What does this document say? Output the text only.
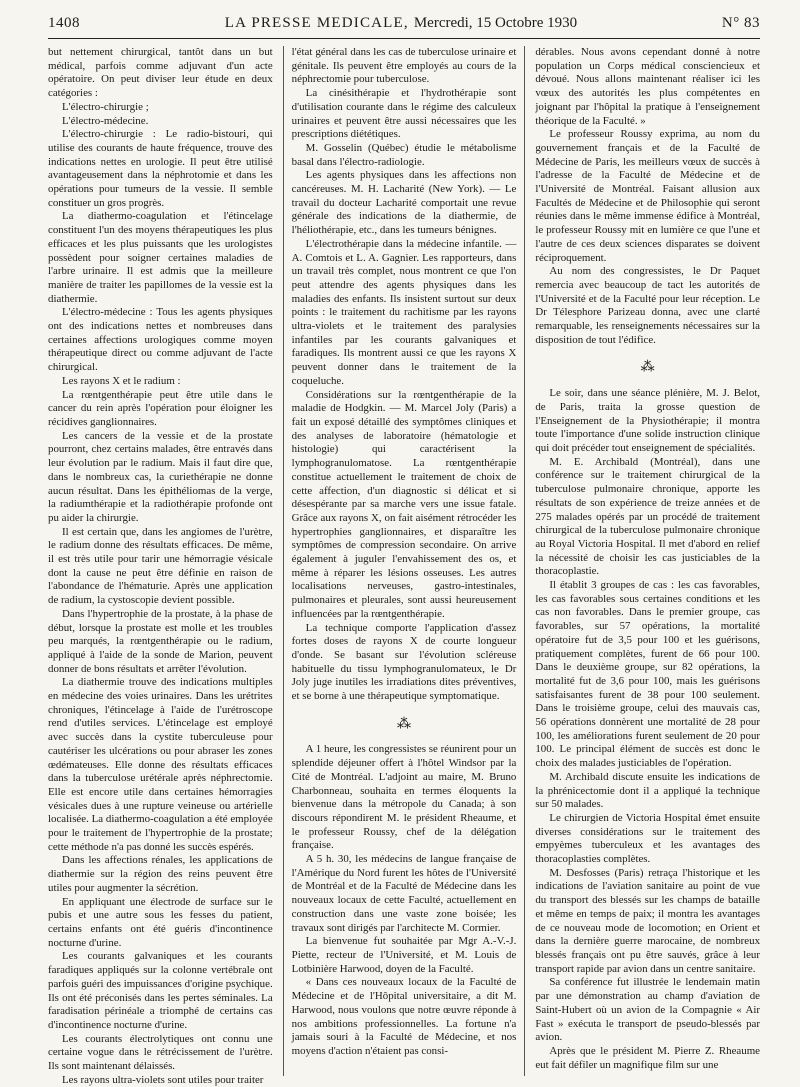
1408	LA PRESSE MEDICALE, Mercredi, 15 Octobre 1930	N° 83

but nettement chirurgical, tantôt dans un but médical, parfois comme adjuvant d'un acte opératoire. On peut diviser leur étude en deux catégories :

L'électro-chirurgie ;

L'électro-médecine.

L'électro-chirurgie : Le radio-bistouri, qui utilise des courants de haute fréquence, trouve des indications nettes en urologie. Il peut être utilisé avantageusement dans la néphrotomie et dans les opérations pour tumeurs de la vessie. Il semble constituer un gros progrès.

La diathermo-coagulation et l'étincelage constituent l'un des moyens thérapeutiques les plus efficaces et les plus puissants que les urologistes possèdent pour soigner certaines maladies de l'arbre urinaire. Il est admis que la meilleure manière de traiter les papillomes de la vessie est la diathermie.

L'électro-médecine : Tous les agents physiques ont des indications nettes et nombreuses dans certaines affections urologiques comme moyen thérapeutique direct ou comme adjuvant de l'acte chirurgical.

Les rayons X et le radium :

La rœntgenthérapie peut être utile dans le cancer du rein après l'opération pour éloigner les récidives ganglionnaires.

Les cancers de la vessie et de la prostate pourront, chez certains malades, être entravés dans leur évolution par le radium. Mais il faut dire que, dans le nombreux cas, la curiethérapie ne donne aucun résultat. Dans les épithéliomas de la verge, la radiumthérapie et la radiothérapie profonde ont pu aider la chirurgie.

Il est certain que, dans les angiomes de l'urètre, le radium donne des résultats efficaces. De même, il est très utile pour tarir une hémorragie vésicale dont la cause ne peut être définie en raison de l'abondance de l'hématurie. Après une application de radium, la cystoscopie devient possible.

Dans l'hypertrophie de la prostate, à la phase de début, lorsque la prostate est molle et les troubles peu marqués, la rœntgenthérapie ou le radium, appliqué à l'aide de la sonde de Marion, peuvent donner de bons résultats et arrêter l'évolution.

La diathermie trouve des indications multiples en médecine des voies urinaires. Dans les urétrites chroniques, l'étincelage à l'aide de l'urétroscope rend d'utiles services. L'étincelage est employé avec succès dans la cystite tuberculeuse pour cautériser les ulcérations ou pour abraser les zones œdémateuses. Elle donne des résultats efficaces dans la tuberculose urétérale après néphrectomie. Elle est encore utile dans certaines hémorragies vésicales dues à une rupture veineuse ou artérielle localisée. La diathermo-coagulation a été employée pour le traitement de l'hypertrophie de la prostate; cette méthode n'a pas donné les succès espérés.

Dans les affections rénales, les applications de diathermie sur la région des reins peuvent être utiles pour augmenter la sécrétion.

En appliquant une électrode de surface sur le pubis et une autre sous les fesses du patient, certains enfants ont été guéris d'incontinence nocturne d'urine.

Les courants galvaniques et les courants faradiques appliqués sur la colonne vertébrale ont parfois guéri des impuissances d'origine psychique. Ils ont été préconisés dans les pertes séminales. La faradisation périnéale a triomphé de certains cas d'incontinence nocturne d'urine.

Les courants électrolytiques ont connu une certaine vogue dans le rétrécissement de l'urètre. Ils sont maintenant délaissés.

Les rayons ultra-violets sont utiles pour traiter

l'état général dans les cas de tuberculose urinaire et génitale. Ils peuvent être employés au cours de la néphrectomie pour tuberculose.

La cinésithérapie et l'hydrothérapie sont d'utilisation courante dans le régime des calculeux urinaires et peuvent être aussi nécessaires que les prescriptions diététiques.

M. Gosselin (Québec) étudie le métabolisme basal dans l'électro-radiologie.

Les agents physiques dans les affections non cancéreuses. M. H. Lacharité (New York). — Le travail du docteur Lacharité comportait une revue générale des indications de la diathermie, de l'héliothérapie, etc., dans les tumeurs bénignes.

L'électrothérapie dans la médecine infantile. — A. Comtois et L. A. Gagnier. Les rapporteurs, dans un travail très complet, nous montrent ce que l'on peut attendre des agents physiques dans les maladies des enfants. Ils insistent surtout sur deux points : le traitement du rachitisme par les rayons ultra-violets et le traitement des paralysies infantiles par les courants galvaniques et faradiques. Ils montrent aussi ce que les rayons X peuvent donner dans le traitement de la coqueluche.

Considérations sur la rœntgenthérapie de la maladie de Hodgkin. — M. Marcel Joly (Paris) a fait un exposé détaillé des symptômes cliniques et des analyses de laboratoire (hématologie et histologie) qui caractérisent la lymphogranulomatose. La rœntgenthérapie constitue actuellement le traitement de choix de cette affection, d'un diagnostic si délicat et si désespérante par sa marche vers une issue fatale. Grâce aux rayons X, on fait aisément rétrocéder les hypertrophies ganglionnaires, et disparaître les symptômes de compression secondaire. On arrive également à juguler l'envahissement des os, et même à réparer les lésions osseuses. Les autres localisations nerveuses, gastro-intestinales, pulmonaires et pleurales, sont aussi heureusement influencées par la rœntgenthérapie.

La technique comporte l'application d'assez fortes doses de rayons X de courte longueur d'onde. Se basant sur l'évolution scléreuse habituelle du tissu lymphogranulomateux, le Dr Joly juge inutiles les irradiations dites préventives, et se borne à une thérapeutique symptomatique.

⁂

A 1 heure, les congressistes se réunirent pour un splendide déjeuner offert à l'hôtel Windsor par la Cité de Montréal. L'adjoint au maire, M. Bruno Charbonneau, souhaita en termes éloquents la bienvenue dans la métropole du Canada; à son discours répondirent M. le président Rheaume, et le professeur Roussy, chef de la délégation française.

A 5 h. 30, les médecins de langue française de l'Amérique du Nord furent les hôtes de l'Université de Montréal et de la Faculté de Médecine dans les nouveaux locaux de cette Faculté, actuellement en construction dans une vaste zone boisée; les travaux sont dirigés par l'architecte M. Cormier.

La bienvenue fut souhaitée par Mgr A.-V.-J. Piette, recteur de l'Université, et M. Louis de Lotbinière Harwood, doyen de la Faculté.

« Dans ces nouveaux locaux de la Faculté de Médecine et de l'Hôpital universitaire, a dit M. Harwood, nous voulons que notre œuvre réponde à nos ambitions professionnelles. La fortune n'a jamais souri à la Faculté de Médecine, et nos moyens d'action n'étaient pas consi-

dérables. Nous avons cependant donné à notre population un Corps médical consciencieux et dévoué. Nous allons maintenant réaliser ici les vœux des autorités les plus compétentes en joignant par l'hôpital la pratique à l'enseignement théorique de la Faculté. »

Le professeur Roussy exprima, au nom du gouvernement français et de la Faculté de Médecine de Paris, les meilleurs vœux de succès à l'adresse de la Faculté de Médecine et de l'Université de Montréal. Faisant allusion aux Facultés de Médecine et de Philosophie qui seront réunies dans le même immense édifice à Montréal, le professeur Roussy mit en lumière ce que l'une et l'autre de ces deux sciences disparates se doivent réciproquement.

Au nom des congressistes, le Dr Paquet remercia avec beaucoup de tact les autorités de l'Université et de la Faculté pour leur réception. Le Dr Télesphore Parizeau donna, avec une clarté remarquable, les renseignements nécessaires sur la disposition de tout l'édifice.

⁂

Le soir, dans une séance plénière, M. J. Belot, de Paris, traita la grosse question de l'Enseignement de la Physiothérapie; il montra toute l'importance d'une solide instruction clinique qui doit précéder tout enseignement de spécialités.

M. E. Archibald (Montréal), dans une conférence sur le traitement chirurgical de la tuberculose pulmonaire chronique, apporte les résultats de son expérience de treize années et de 275 malades opérés par un procédé de traitement chirurgical de la tuberculose pulmonaire chronique au Royal Victoria Hospital. Il met d'abord en relief la nécessité de choisir les cas justiciables de la thoracoplastie.

Il établit 3 groupes de cas : les cas favorables, les cas favorables sous certaines conditions et les cas non favorables. Dans le premier groupe, cas favorables, sur 57 opérations, la mortalité opératoire fut de 3,5 pour 100 et les guérisons, pratiquement complètes, furent de 66 pour 100. Dans le deuxième groupe, sur 82 opérations, la mortalité fut de 3,6 pour 100, mais les guérisons satisfaisantes furent de 38 pour 100 seulement. Dans le troisième groupe, celui des mauvais cas, 56 opérations donnèrent une mortalité de 28 pour 100, les améliorations furent seulement de 20 pour 100. Le principal élément de succès est donc le choix des malades justiciables de l'opération.

M. Archibald discute ensuite les indications de la phrénicectomie dont il a appliqué la technique sur 50 malades.

Le chirurgien de Victoria Hospital émet ensuite diverses considérations sur le traitement des empyèmes tuberculeux et les avantages des thoracoplasties complètes.

M. Desfosses (Paris) retraça l'historique et les indications de l'aviation sanitaire au point de vue du transport des blessés sur les champs de bataille et même en temps de paix; il montra les avantages de ce nouveau mode de locomotion; en Orient et dans la dernière guerre marocaine, de nombreux blessés français ont pu être sauvés, grâce à leur transport rapide par avion dans un centre sanitaire.

Sa conférence fut illustrée le lendemain matin par une démonstration au champ d'aviation de Saint-Hubert où un avion de la Compagnie « Air Fast » exécuta le transport de pseudo-blessés par avion.

Après que le président M. Pierre Z. Rheaume eut fait défiler un magnifique film sur une
